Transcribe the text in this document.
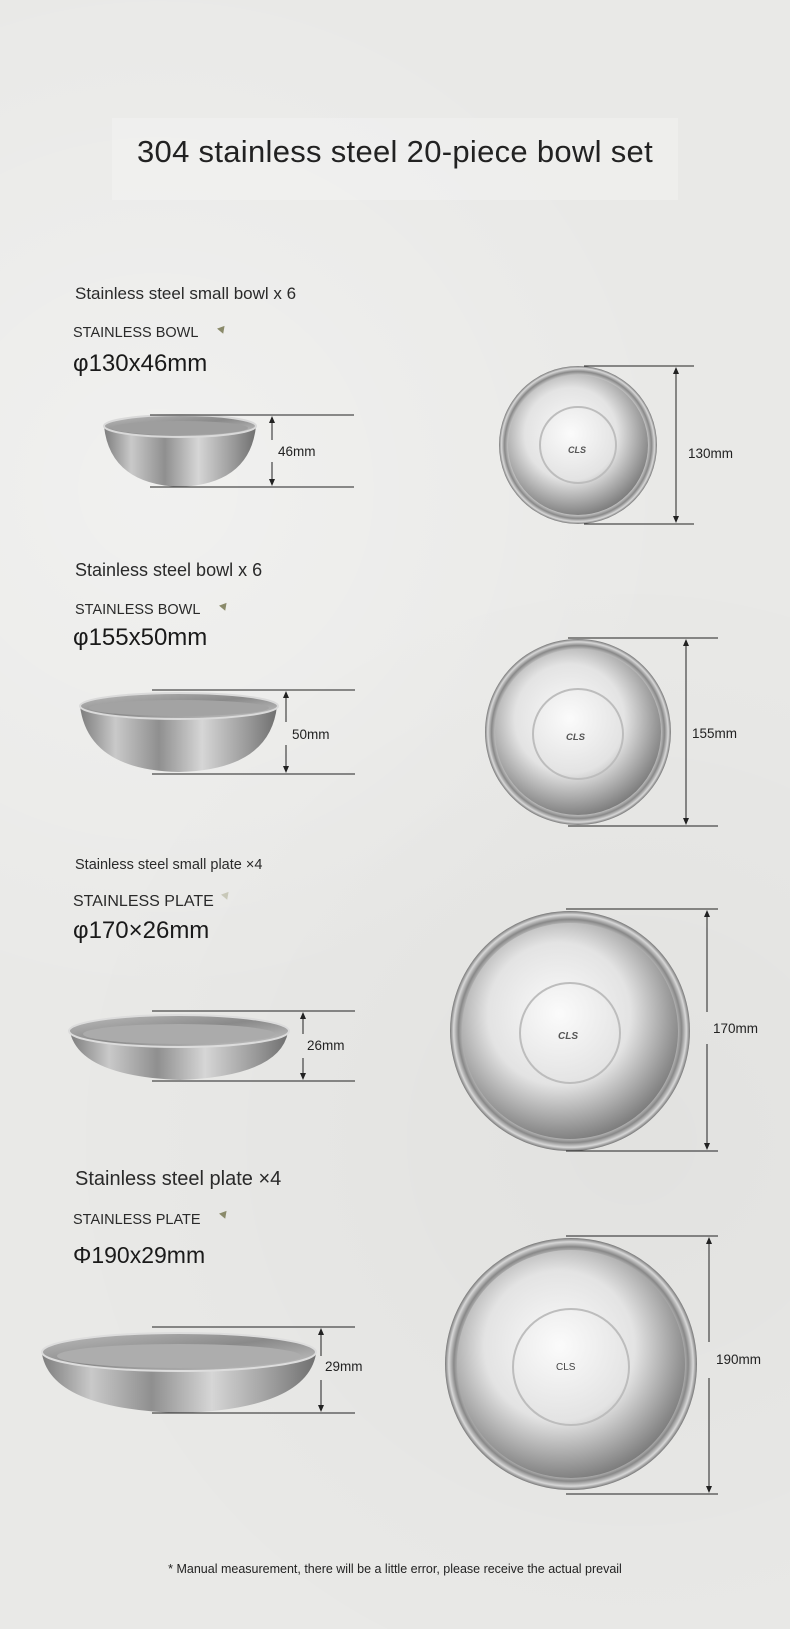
304 stainless steel 20-piece bowl set
Stainless steel small bowl x 6
STAINLESS BOWL
φ130x46mm
46mm	130mm
Stainless steel bowl x 6
STAINLESS BOWL
φ155x50mm
50mm	155mm
Stainless steel small plate ×4
STAINLESS PLATE
φ170×26mm
26mm
170mm
Stainless steel plate ×4
STAINLESS PLATE
Φ190x29mm
29mm	190mm
* Manual measurement, there will be a little error, please receive the actual prevail
CLS
CLS
CLS
CLS
